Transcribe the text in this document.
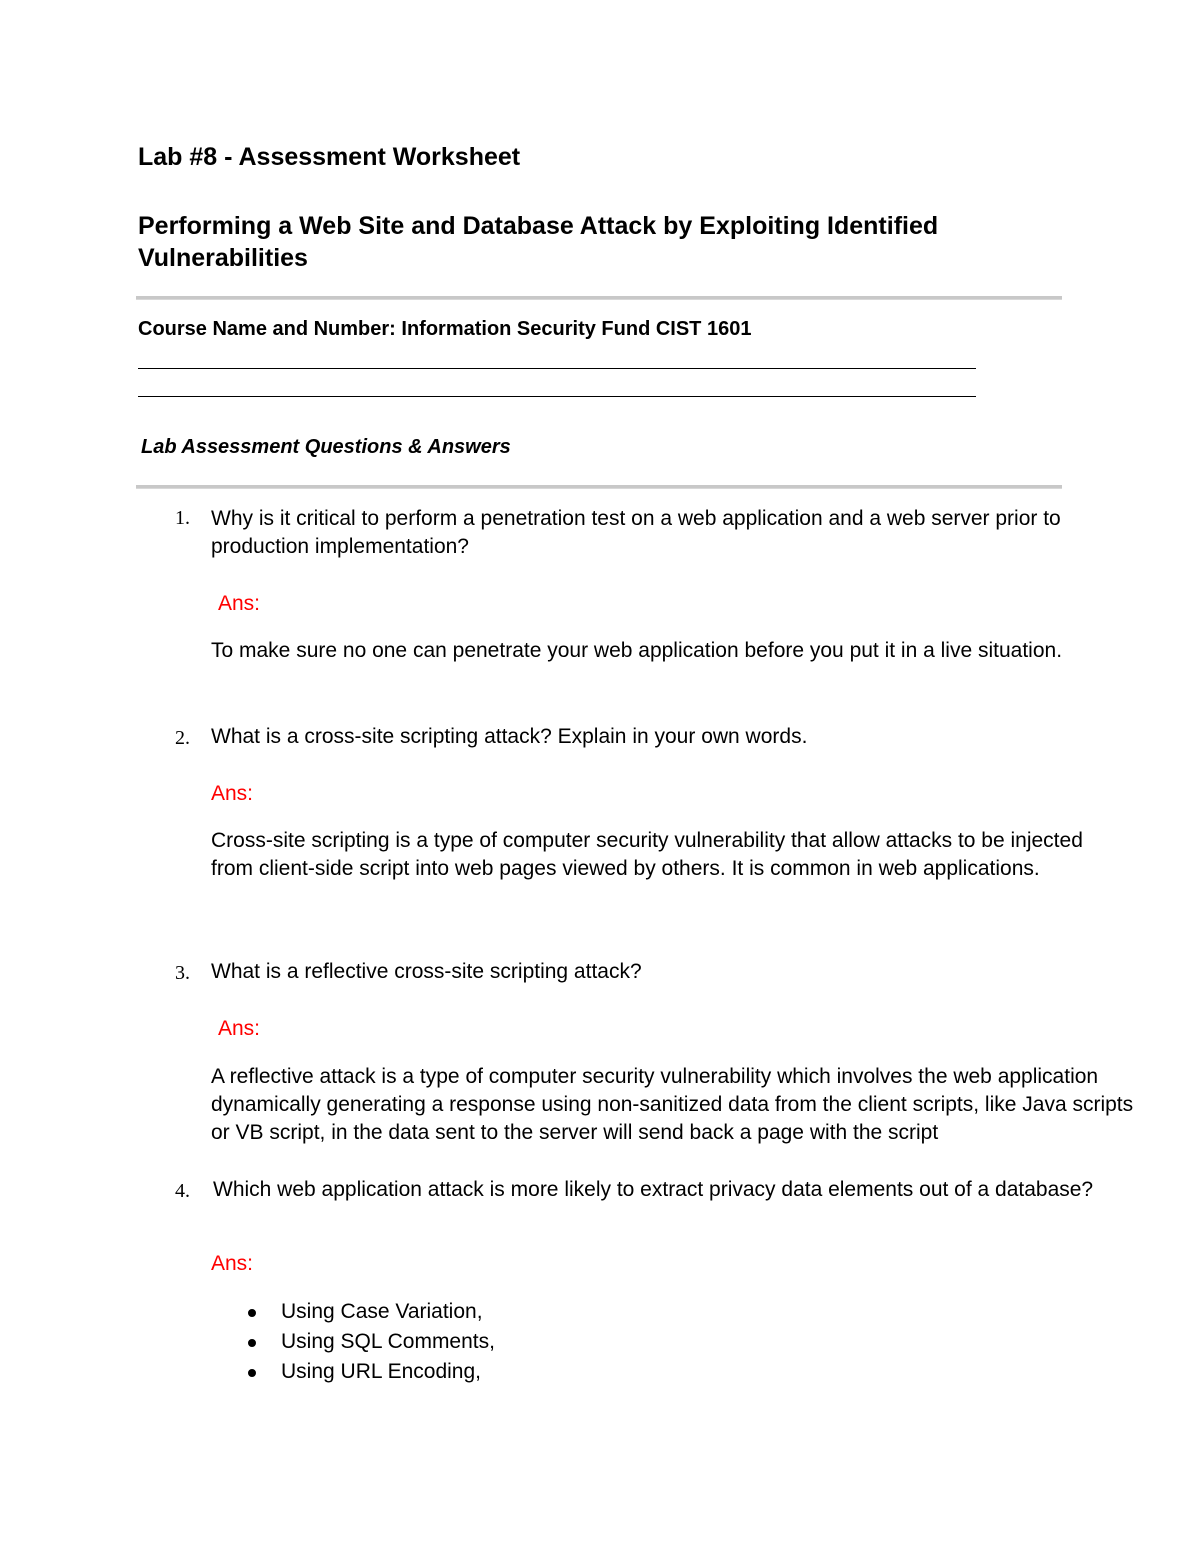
Lab #8 - Assessment Worksheet
Performing a Web Site and Database Attack by Exploiting Identified Vulnerabilities
Course Name and Number: Information Security Fund CIST 1601
Lab Assessment Questions & Answers
1. Why is it critical to perform a penetration test on a web application and a web server prior to production implementation?
Ans:
To make sure no one can penetrate your web application before you put it in a live situation.
2. What is a cross-site scripting attack? Explain in your own words.
Ans:
Cross-site scripting is a type of computer security vulnerability that allow attacks to be injected from client-side script into web pages viewed by others. It is common in web applications.
3. What is a reflective cross-site scripting attack?
Ans:
A reflective attack is a type of computer security vulnerability which involves the web application dynamically generating a response using non-sanitized data from the client scripts, like Java scripts or VB script, in the data sent to the server will send back a page with the script
4.	Which web application attack is more likely to extract privacy data elements out of a database?
Ans:
Using Case Variation,
Using SQL Comments,
Using URL Encoding,
